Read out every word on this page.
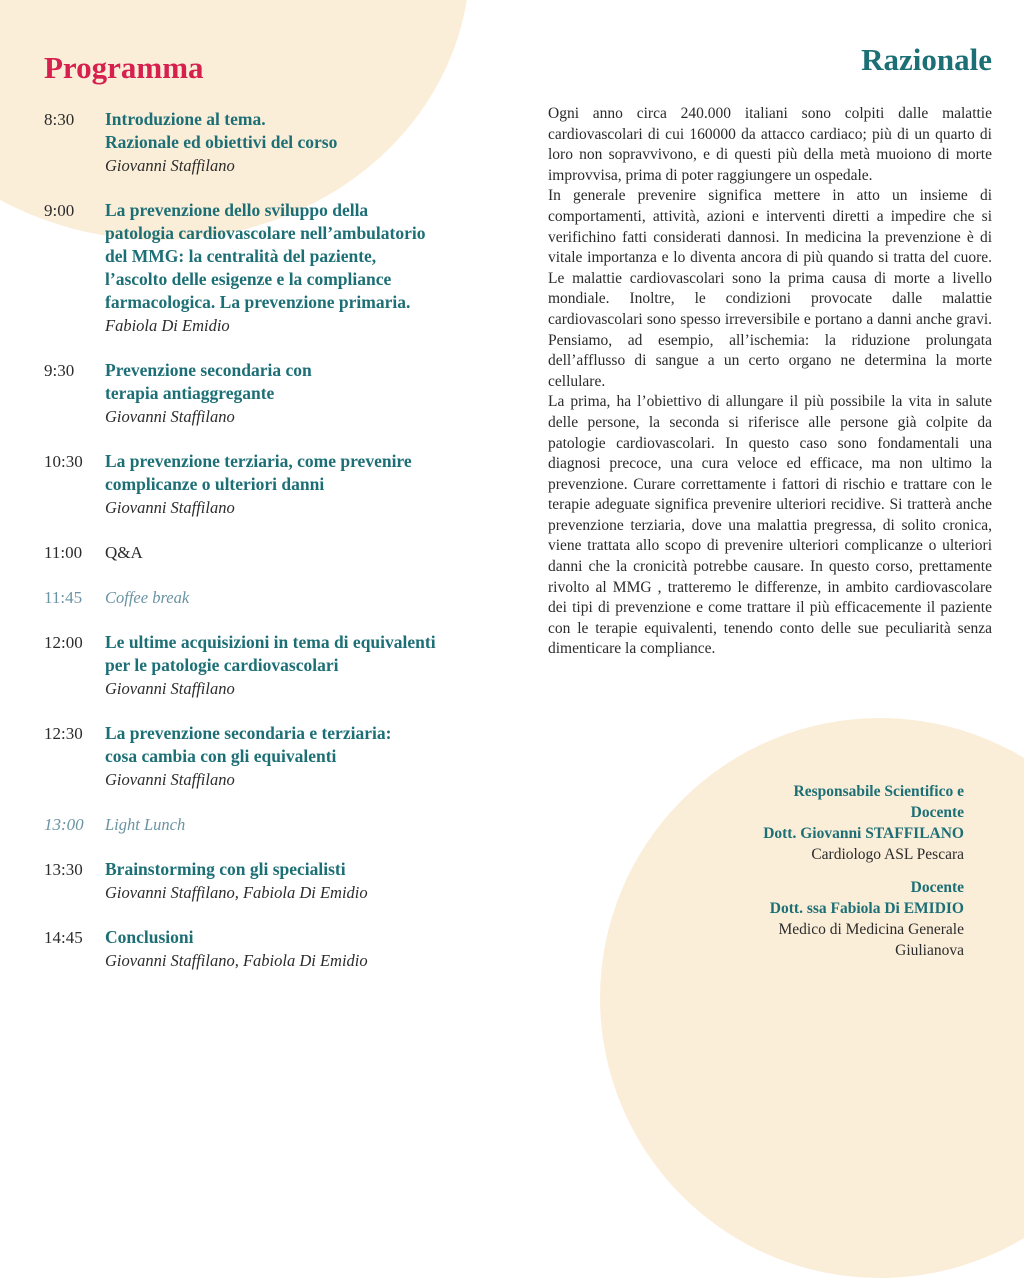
Programma
8:30	Introduzione al tema.
Razionale ed obiettivi del corso
Giovanni Staffilano
9:00	La prevenzione dello sviluppo della
patologia cardiovascolare nell’ambulatorio
del MMG: la centralità del paziente,
l’ascolto delle esigenze e la compliance
farmacologica. La prevenzione primaria.
Fabiola Di Emidio
9:30	Prevenzione secondaria con
terapia antiaggregante
Giovanni Staffilano
10:30	La prevenzione terziaria, come prevenire
complicanze o ulteriori danni
Giovanni Staffilano
11:00	Q&A
11:45	Coffee break
12:00	Le ultime acquisizioni in tema di equivalenti
per le patologie cardiovascolari
Giovanni Staffilano
12:30	La prevenzione secondaria e terziaria:
cosa cambia con gli equivalenti
Giovanni Staffilano
13:00	Light Lunch
13:30	Brainstorming con gli specialisti
Giovanni Staffilano, Fabiola Di Emidio
14:45	Conclusioni
Giovanni Staffilano, Fabiola Di Emidio
Razionale

Ogni anno circa 240.000 italiani sono colpiti dalle malattie cardiovascolari di cui 160000 da attacco cardiaco; più di un quarto di loro non sopravvivono, e di questi più della metà muoiono di morte improvvisa, prima di poter raggiungere un ospedale.

In generale prevenire significa mettere in atto un insieme di comportamenti, attività, azioni e interventi diretti a impedire che si verifichino fatti considerati dannosi. In medicina la prevenzione è di vitale importanza e lo diventa ancora di più quando si tratta del cuore. Le malattie cardiovascolari sono la prima causa di morte a livello mondiale. Inoltre, le condizioni provocate dalle malattie cardiovascolari sono spesso irreversibile e portano a danni anche gravi. Pensiamo, ad esempio, all’ischemia: la riduzione prolungata dell’afflusso di sangue a un certo organo ne determina la morte cellulare.

La prima, ha l’obiettivo di allungare il più possibile la vita in salute delle persone, la seconda si riferisce alle persone già colpite da patologie cardiovascolari. In questo caso sono fondamentali una diagnosi precoce, una cura veloce ed efficace, ma non ultimo la prevenzione. Curare correttamente i fattori di rischio e trattare con le terapie adeguate significa prevenire ulteriori recidive. Si tratterà anche prevenzione terziaria, dove una malattia pregressa, di solito cronica, viene trattata allo scopo di prevenire ulteriori complicanze o ulteriori danni che la cronicità potrebbe causare. In questo corso, prettamente rivolto al MMG , tratteremo le differenze, in ambito cardiovascolare dei tipi di prevenzione e come trattare il più efficacemente il paziente con le terapie equivalenti, tenendo conto delle sue peculiarità senza dimenticare la compliance.

Responsabile Scientifico e
Docente
Dott. Giovanni STAFFILANO
Cardiologo ASL Pescara
Docente
Dott. ssa Fabiola Di EMIDIO
Medico di Medicina Generale
Giulianova
